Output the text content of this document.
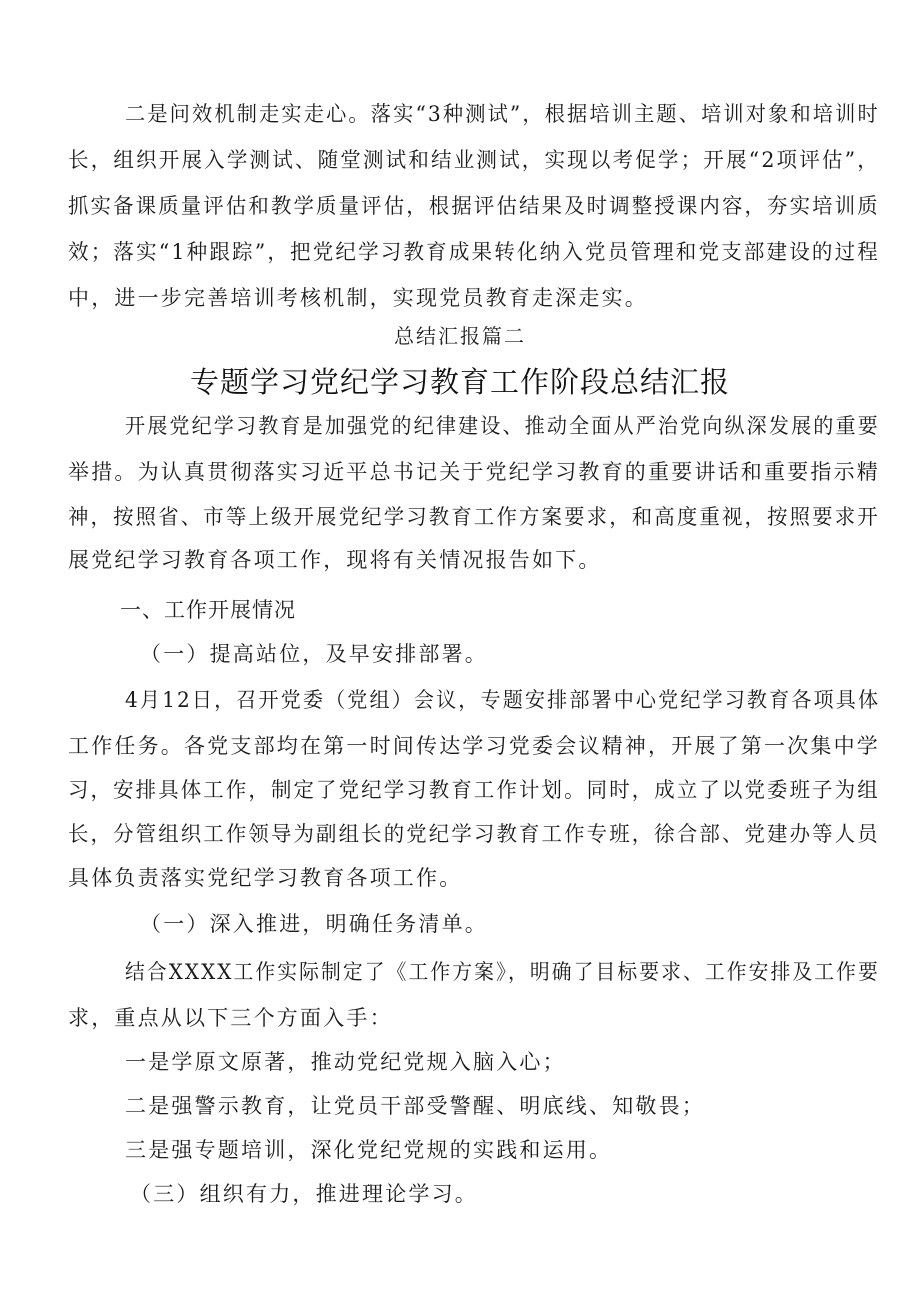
二是问效机制走实走心。落实“3种测试”，根据培训主题、培训对象和培训时
长，组织开展入学测试、随堂测试和结业测试，实现以考促学；开展“2项评估”，
抓实备课质量评估和教学质量评估，根据评估结果及时调整授课内容，夯实培训质
效；落实“1种跟踪”，把党纪学习教育成果转化纳入党员管理和党支部建设的过程
中，进一步完善培训考核机制，实现党员教育走深走实。
总结汇报篇二
专题学习党纪学习教育工作阶段总结汇报
开展党纪学习教育是加强党的纪律建设、推动全面从严治党向纵深发展的重要
举措。为认真贯彻落实习近平总书记关于党纪学习教育的重要讲话和重要指示精
神，按照省、市等上级开展党纪学习教育工作方案要求，和高度重视，按照要求开
展党纪学习教育各项工作，现将有关情况报告如下。
一、工作开展情况
（一）提高站位，及早安排部署。
4月12日，召开党委（党组）会议，专题安排部署中心党纪学习教育各项具体
工作任务。各党支部均在第一时间传达学习党委会议精神，开展了第一次集中学
习，安排具体工作，制定了党纪学习教育工作计划。同时，成立了以党委班子为组
长，分管组织工作领导为副组长的党纪学习教育工作专班，徐合部、党建办等人员
具体负责落实党纪学习教育各项工作。
（一）深入推进，明确任务清单。
结合XXXX工作实际制定了《工作方案》，明确了目标要求、工作安排及工作要
求，重点从以下三个方面入手：
一是学原文原著，推动党纪党规入脑入心；
二是强警示教育，让党员干部受警醒、明底线、知敬畏；
三是强专题培训，深化党纪党规的实践和运用。
（三）组织有力，推进理论学习。
